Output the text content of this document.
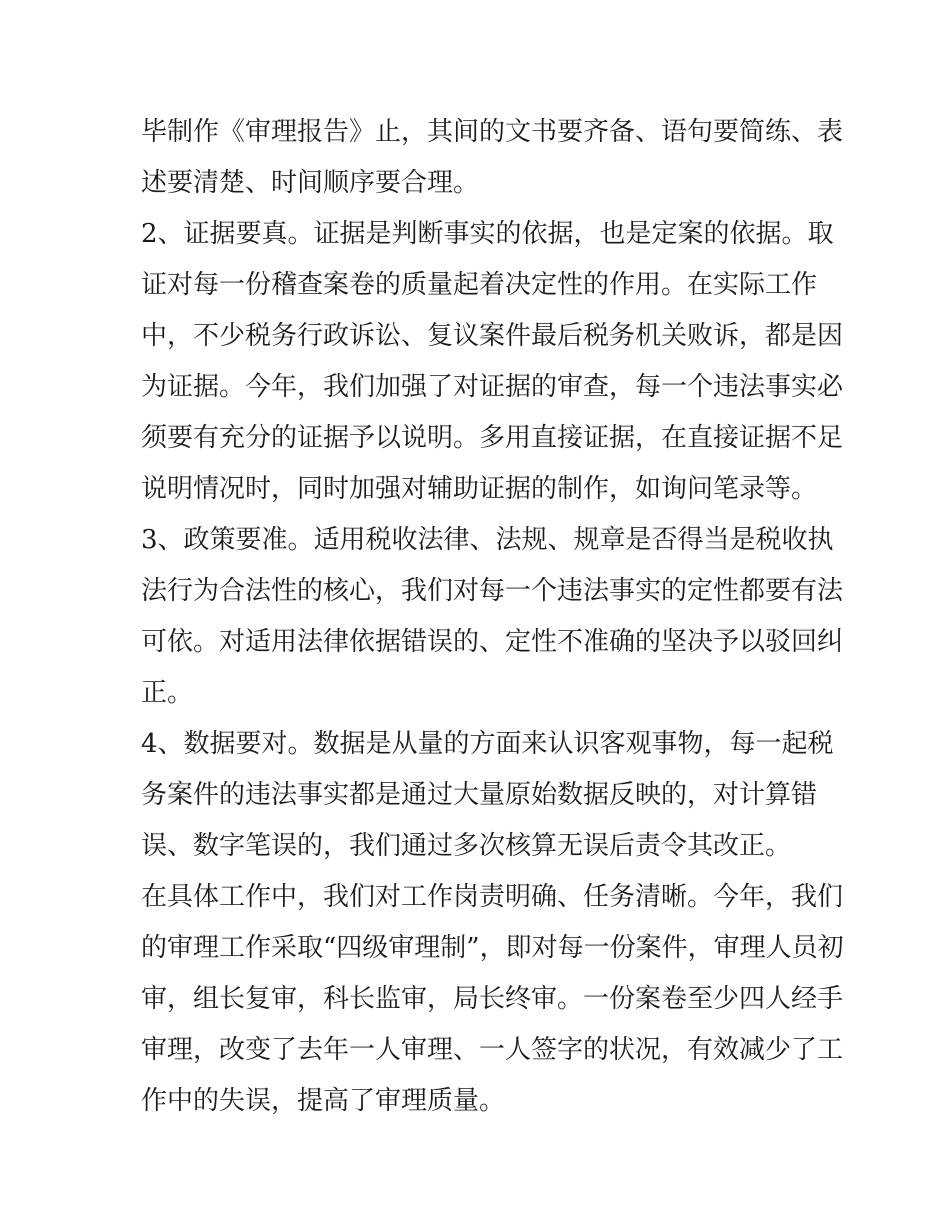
毕制作《审理报告》止，其间的文书要齐备、语句要简练、表
述要清楚、时间顺序要合理。
2、证据要真。证据是判断事实的依据，也是定案的依据。取
证对每一份稽查案卷的质量起着决定性的作用。在实际工作
中，不少税务行政诉讼、复议案件最后税务机关败诉，都是因
为证据。今年，我们加强了对证据的审查，每一个违法事实必
须要有充分的证据予以说明。多用直接证据，在直接证据不足
说明情况时，同时加强对辅助证据的制作，如询问笔录等。
3、政策要准。适用税收法律、法规、规章是否得当是税收执
法行为合法性的核心，我们对每一个违法事实的定性都要有法
可依。对适用法律依据错误的、定性不准确的坚决予以驳回纠
正。
4、数据要对。数据是从量的方面来认识客观事物，每一起税
务案件的违法事实都是通过大量原始数据反映的，对计算错
误、数字笔误的，我们通过多次核算无误后责令其改正。
在具体工作中，我们对工作岗责明确、任务清晰。今年，我们
的审理工作采取“四级审理制”，即对每一份案件，审理人员初
审，组长复审，科长监审，局长终审。一份案卷至少四人经手
审理，改变了去年一人审理、一人签字的状况，有效减少了工
作中的失误，提高了审理质量。
